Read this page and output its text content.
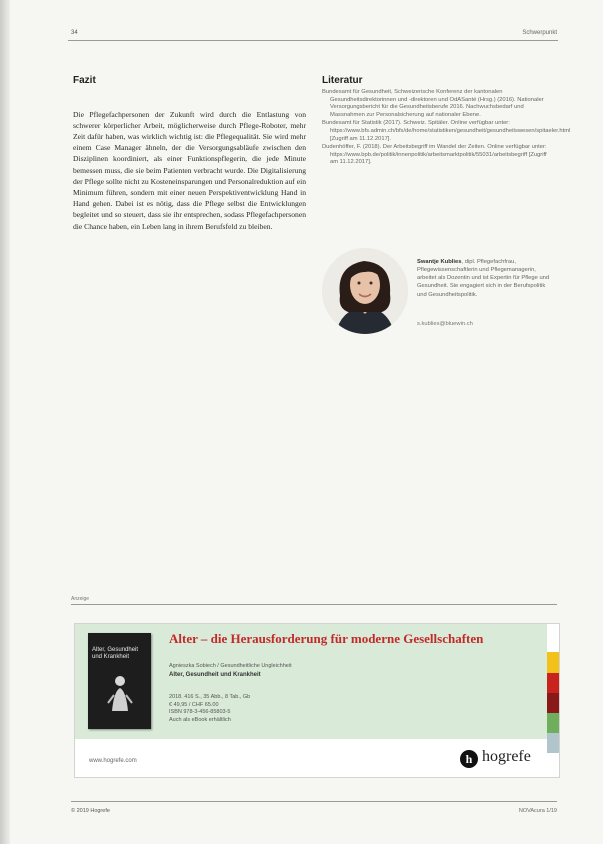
34	Schwerpunkt
Fazit

Die Pflegefachpersonen der Zukunft wird durch die Entlastung von schwerer körperlicher Arbeit, möglicherweise durch Pflege-Roboter, mehr Zeit dafür haben, was wirklich wichtig ist: die Pflegequalität. Sie wird mehr einem Case Manager ähneln, der die Versorgungsabläufe zwischen den Disziplinen koordiniert, als einer Funktionspflegerin, die jede Minute bemessen muss, die sie beim Patienten verbracht wurde. Die Digitalisierung der Pflege sollte nicht zu Kosteneinsparungen und Personalreduktion auf ein Minimum führen, sondern mit einer neuen Perspektiventwicklung Hand in Hand gehen. Dabei ist es nötig, dass die Pflege selbst die Entwicklungen begleitet und so steuert, dass sie ihr entsprechen, sodass Pflegefachpersonen die Chance haben, ein Leben lang in ihrem Berufsfeld zu bleiben.

Literatur
Bundesamt für Gesundheit, Schweizerische Konferenz der kantonalen Gesundheitsdirektorinnen und -direktoren und OdASanté (Hrsg.) (2016). Nationaler Versorgungsbericht für die Gesundheitsberufe 2016. Nachwuchsbedarf und Massnahmen zur Personalsicherung auf nationaler Ebene.
Bundesamt für Statistik (2017). Schweiz. Spitäler. Online verfügbar unter: https://www.bfs.admin.ch/bfs/de/home/statistiken/gesundheit/gesundheitswesen/spitaeler.html [Zugriff am 11.12.2017].
Dudenhöffer, F. (2018). Der Arbeitsbegriff im Wandel der Zeiten. Online verfügbar unter: https://www.bpb.de/politik/innenpolitik/arbeitsmarktpolitik/55031/arbeitsbegriff [Zugriff am 11.12.2017].

Swantje Kublies, dipl. Pflegefachfrau, Pflegewissenschaftlerin und Pflegemanagerin, arbeitet als Dozentin und ist Expertin für Pflege und Gesundheit. Sie engagiert sich in der Berufspolitik und Gesundheitspolitik.

s.kublies@bluewin.ch
Anzeige
Alter, Gesundheit und Krankheit
Alter – die Herausforderung für moderne Gesellschaften
Agnieszka Sobiech / Gesundheitliche Ungleichheit
Alter, Gesundheit und Krankheit
2018. 416 S., 35 Abb., 8 Tab., Gb
€ 49,95 / CHF 65.00
ISBN 978-3-456-85803-5
Auch als eBook erhältlich
www.hogrefe.com	h hogrefe
© 2019 Hogrefe	NOVAcura 1/19
